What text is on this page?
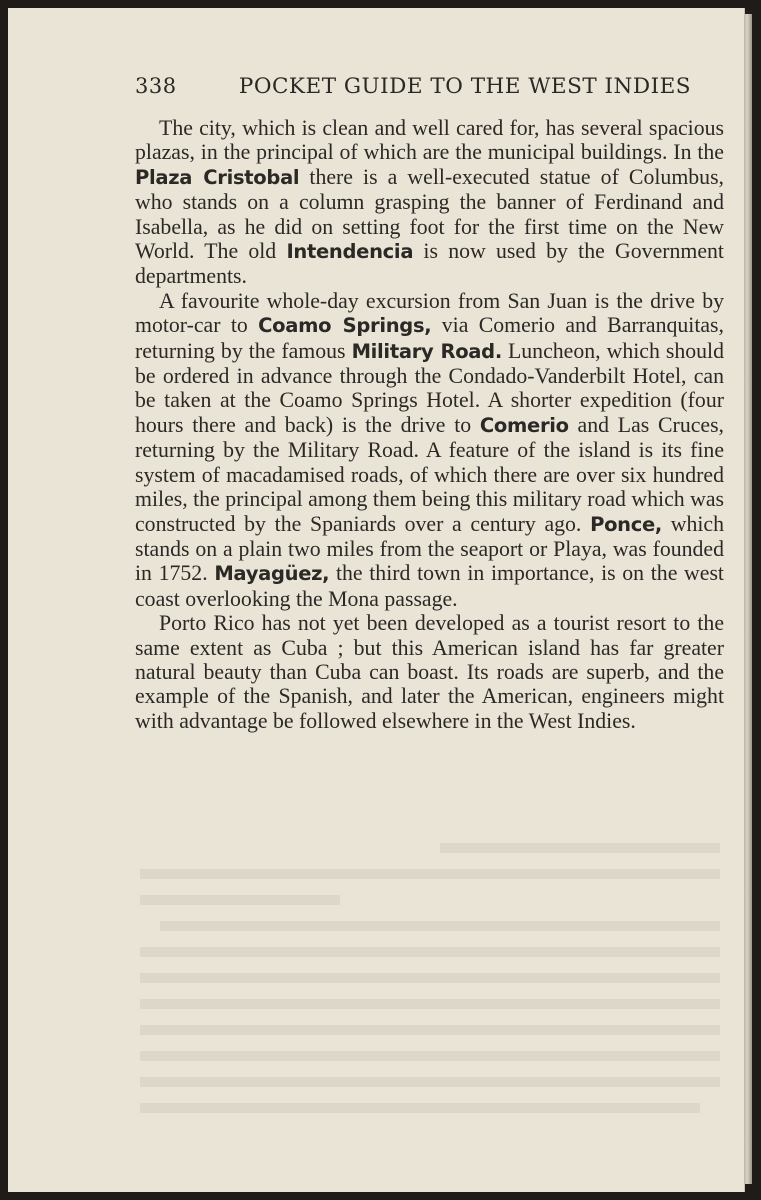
338	POCKET GUIDE TO THE WEST INDIES

The city, which is clean and well cared for, has several spacious plazas, in the principal of which are the municipal buildings. In the Plaza Cristobal there is a well-executed statue of Columbus, who stands on a column grasping the banner of Ferdinand and Isabella, as he did on setting foot for the first time on the New World. The old Intendencia is now used by the Government departments.

A favourite whole-day excursion from San Juan is the drive by motor-car to Coamo Springs, via Comerio and Barranquitas, returning by the famous Military Road. Luncheon, which should be ordered in advance through the Condado-Vanderbilt Hotel, can be taken at the Coamo Springs Hotel. A shorter expedition (four hours there and back) is the drive to Comerio and Las Cruces, returning by the Military Road. A feature of the island is its fine system of macadamised roads, of which there are over six hundred miles, the principal among them being this military road which was constructed by the Spaniards over a century ago. Ponce, which stands on a plain two miles from the seaport or Playa, was founded in 1752. Mayagüez, the third town in importance, is on the west coast overlooking the Mona passage.

Porto Rico has not yet been developed as a tourist resort to the same extent as Cuba ; but this American island has far greater natural beauty than Cuba can boast. Its roads are superb, and the example of the Spanish, and later the American, engineers might with advantage be followed elsewhere in the West Indies.
